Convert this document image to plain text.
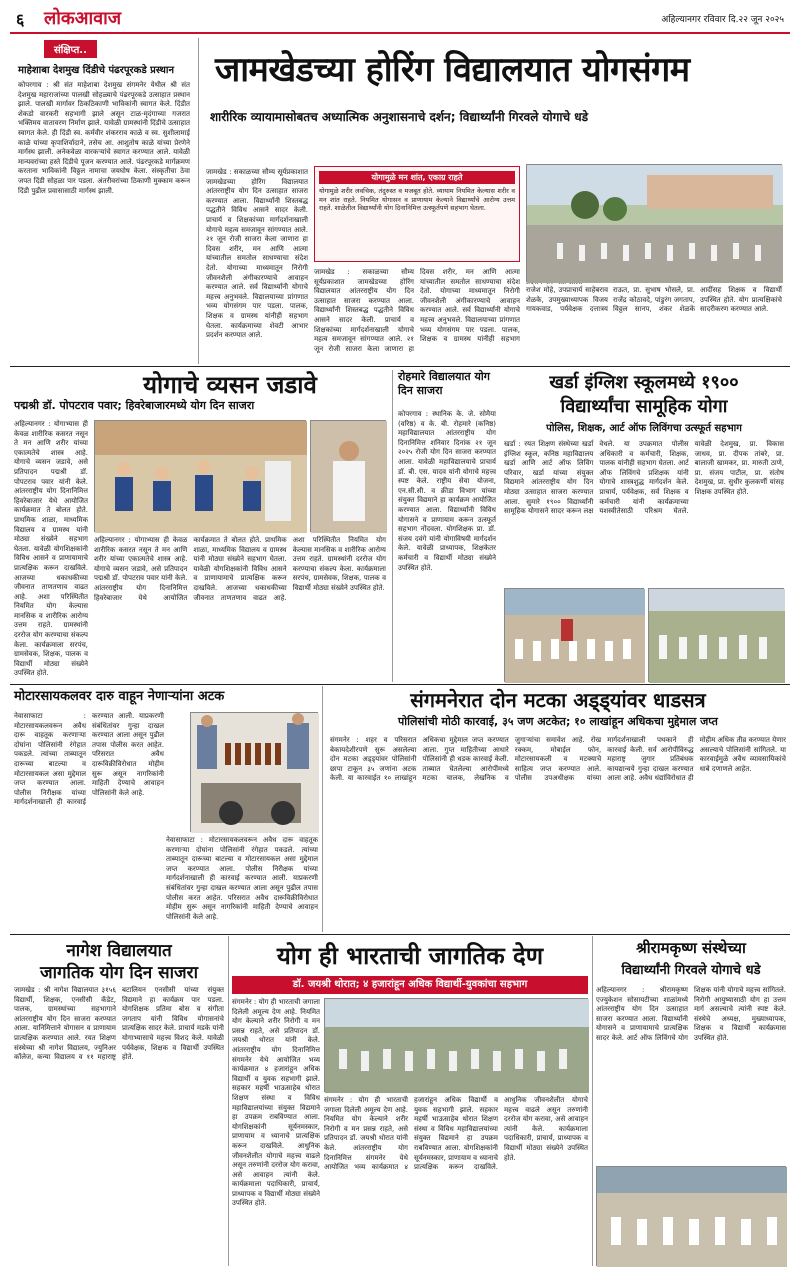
६ लोकआवाज	अहिल्यानगर रविवार दि.२२ जून २०२५
संक्षिप्त..
माहेशाबा देशमुख दिंडीचे पंढरपूरकडे प्रस्थान
कोपरगाव : श्री संत माहेशाबा देशमुख संगमनेर येथील श्री संत देशमुख महाराजांच्या पालखी सोहळ्याचे पंढरपूरकडे उत्साहात प्रस्थान झाले. पालखी मार्गावर ठिकठिकाणी भाविकांनी स्वागत केले. दिंडीत शेकडो वारकरी सहभागी झाले असून टाळ-मृदंगाच्या गजरात भक्तिमय वातावरण निर्माण झाले. यावेळी ग्रामस्थांनी दिंडीचे उत्साहात स्वागत केले. ही दिंडी स्व. कर्मवीर शंकरराव काळे व स्व. सुशीलामाई काळे यांच्या कृपाशिर्वादाने, तसेच आ. आशुतोष काळे यांच्या प्रेरणेने मार्गस्थ झाली. अनेकवेळा वारकऱ्यांचे स्वागत करण्यात आले. यावेळी मान्यवरांच्या हस्ते दिंडीचे पूजन करण्यात आले. पंढरपूरकडे मार्गक्रमण करताना भाविकांनी विठ्ठल नामाचा जयघोष केला. संस्कृतीचा ठेवा जपत दिंडी सोहळा पार पडला. अंतरीवरांच्या ठिकाणी मुक्काम करून दिंडी पुढील प्रवासासाठी मार्गस्थ झाली.
जामखेडच्या होरिंग विद्यालयात योगसंगम
शारीरिक व्यायामासोबतच अध्यात्मिक अनुशासनाचे दर्शन; विद्यार्थ्यांनी गिरवले योगाचे धडे
जामखेड : सकाळच्या सौम्य सूर्यप्रकाशात जामखेडच्या होरिंग विद्यालयात आंतरराष्ट्रीय योग दिन उत्साहात साजरा करण्यात आला. विद्यार्थ्यांनी शिस्तबद्ध पद्धतीने विविध आसने सादर केली. प्राचार्य व शिक्षकांच्या मार्गदर्शनाखाली योगाचे महत्व समजावून सांगण्यात आले. २१ जून रोजी साजरा केला जाणारा हा दिवस शरीर, मन आणि आत्मा यांच्यातील समतोल साधण्याचा संदेश देतो. योगाच्या माध्यमातून निरोगी जीवनशैली अंगीकारण्याचे आवाहन करण्यात आले. सर्व विद्यार्थ्यांनी योगाचे महत्त्व अनुभवले. विद्यालयाच्या प्रांगणात भव्य योगसंगम पार पडला. पालक, शिक्षक व ग्रामस्थ यांनीही सहभाग घेतला. कार्यक्रमाच्या शेवटी आभार प्रदर्शन करण्यात आले.
योगामुळे मन शांत, एकाग्र राहते
योगामुळे शरीर लवचिक, तंदुरुस्त व मजबूत होते. व्यायाम नियमित केल्यास शरीर व मन शांत राहते. नियमित योगासन व प्राणायाम केल्याने विद्यार्थ्यांचे आरोग्य उत्तम राहते. शाळेतील विद्यार्थ्यांनी योग दिनानिमित्त उत्स्फूर्तपणे सहभाग घेतला.
जामखेड : सकाळच्या सौम्य सूर्यप्रकाशात जामखेडच्या होरिंग विद्यालयात आंतरराष्ट्रीय योग दिन उत्साहात साजरा करण्यात आला. विद्यार्थ्यांनी शिस्तबद्ध पद्धतीने विविध आसने सादर केली. प्राचार्य व शिक्षकांच्या मार्गदर्शनाखाली योगाचे महत्व समजावून सांगण्यात आले. २१ जून रोजी साजरा केला जाणारा हा दिवस शरीर, मन आणि आत्मा यांच्यातील समतोल साधण्याचा संदेश देतो. योगाच्या माध्यमातून निरोगी जीवनशैली अंगीकारण्याचे आवाहन करण्यात आले. सर्व विद्यार्थ्यांनी योगाचे महत्त्व अनुभवले. विद्यालयाच्या प्रांगणात भव्य योगसंगम पार पडला. पालक, शिक्षक व ग्रामस्थ यांनीही सहभाग
राजेश मोहे, उपप्राचार्य साहेबराव शेळके, उपमुख्याध्यापक विजय गायकवाड, पर्यवेक्षक दत्तात्रय राऊत, प्रा. सुभाष भोसले, प्रा. राजेंद्र कोठावदे, पांडुरंग जगताप, विठ्ठल सानप, शंकर शेळके आदींसह शिक्षक व विद्यार्थी उपस्थित होते. योग प्रात्यक्षिकांचे सादरीकरण करण्यात आले.
योगाचे व्यसन जडावे
पद्मश्री डॉ. पोपटराव पवार; हिवरेबाजारमध्ये योग दिन साजरा
अहिल्यानगर : योगाभ्यास ही केवळ शारीरिक कसरत नसून ते मन आणि शरीर यांच्या एकात्मतेचे शास्त्र आहे. योगाचे व्यसन जडावे, असे प्रतिपादन पद्मश्री डॉ. पोपटराव पवार यांनी केले. आंतरराष्ट्रीय योग दिनानिमित्त हिवरेबाजार येथे आयोजित कार्यक्रमात ते बोलत होते. प्राथमिक शाळा, माध्यमिक विद्यालय व ग्रामस्थ यांनी मोठ्या संख्येने सहभाग घेतला. यावेळी योगशिक्षकांनी विविध आसने व प्राणायामाचे प्रात्यक्षिक करून दाखविले. आजच्या धकाधकीच्या जीवनात ताणतणाव वाढत आहे. अशा परिस्थितीत नियमित योग केल्यास मानसिक व शारीरिक आरोग्य उत्तम राहते. ग्रामस्थांनी दररोज योग करण्याचा संकल्प केला. कार्यक्रमाला सरपंच, ग्रामसेवक, शिक्षक, पालक व विद्यार्थी मोठ्या संख्येने उपस्थित होते.
अहिल्यानगर : योगाभ्यास ही केवळ शारीरिक कसरत नसून ते मन आणि शरीर यांच्या एकात्मतेचे शास्त्र आहे. योगाचे व्यसन जडावे, असे प्रतिपादन पद्मश्री डॉ. पोपटराव पवार यांनी केले. आंतरराष्ट्रीय योग दिनानिमित्त हिवरेबाजार येथे आयोजित कार्यक्रमात ते बोलत होते. प्राथमिक शाळा, माध्यमिक विद्यालय व ग्रामस्थ यांनी मोठ्या संख्येने सहभाग घेतला. यावेळी योगशिक्षकांनी विविध आसने व प्राणायामाचे प्रात्यक्षिक करून दाखविले. आजच्या धकाधकीच्या जीवनात ताणतणाव वाढत आहे. अशा परिस्थितीत नियमित योग केल्यास मानसिक व शारीरिक आरोग्य उत्तम राहते. ग्रामस्थांनी दररोज योग करण्याचा संकल्प केला. कार्यक्रमाला सरपंच, ग्रामसेवक, शिक्षक, पालक व विद्यार्थी मोठ्या संख्येने उपस्थित होते.
रोहमारे विद्यालयात योग दिन साजरा
कोपरगाव : स्थानिक के. जे. सोमैया (वरिष्ठ) व के. बी. रोहमारे (कनिष्ठ) महाविद्यालयात आंतरराष्ट्रीय योग दिनानिमित्त शनिवार दिनांक २१ जून २०२५ रोजी योग दिन साजरा करण्यात आला. यावेळी महाविद्यालयाचे प्राचार्य डॉ. बी. एस. यादव यांनी योगाचे महत्त्व स्पष्ट केले. राष्ट्रीय सेवा योजना, एन.सी.सी. व क्रीडा विभाग यांच्या संयुक्त विद्यमाने हा कार्यक्रम आयोजित करण्यात आला. विद्यार्थ्यांनी विविध योगासने व प्राणायाम करून उत्स्फूर्त सहभाग नोंदवला. योगशिक्षक प्रा. डॉ. संजय दवंगे यांनी योगाविषयी मार्गदर्शन केले. यावेळी प्राध्यापक, शिक्षकेतर कर्मचारी व विद्यार्थी मोठ्या संख्येने उपस्थित होते.
खर्डा इंग्लिश स्कूलमध्ये १९००
विद्यार्थ्यांचा सामूहिक योगा
पोलिस, शिक्षक, आर्ट ऑफ लिविंगचा उत्स्फूर्त सहभाग
खर्डा : रयत शिक्षण संस्थेच्या खर्डा इंग्लिश स्कूल, कनिष्ठ महाविद्यालय खर्डा आणि आर्ट ऑफ लिविंग परिवार, खर्डा यांच्या संयुक्त विद्यमाने आंतरराष्ट्रीय योग दिन मोठ्या उत्साहात साजरा करण्यात आला. सुमारे १९०० विद्यार्थ्यांनी सामूहिक योगासने सादर करून लक्ष वेधले. या उपक्रमात पोलीस अधिकारी व कर्मचारी, शिक्षक, पालक यांनीही सहभाग घेतला. आर्ट ऑफ लिविंगचे प्रशिक्षक यांनी योगाचे शास्त्रशुद्ध मार्गदर्शन केले. प्राचार्य, पर्यवेक्षक, सर्व शिक्षक व कर्मचारी यांनी कार्यक्रमाच्या यशस्वीतेसाठी परिश्रम घेतले. यावेळी देशमुख, प्रा. विकास जाधव, प्रा. दीपक तांबरे, प्रा. बालाजी खामकर, प्रा. मारुती ठाणे, प्रा. संजय पाटील, प्रा. संतोष देशमुख, प्रा. सुधीर कुलकर्णी यांसह शिक्षक उपस्थित होते.
मोटारसायकलवर दारु वाहून नेणाऱ्यांना अटक
नेवासाफाटा : मोटारसायकलवरून अवैध दारू वाहतूक करणाऱ्या दोघांना पोलिसांनी रंगेहात पकडले. त्यांच्या ताब्यातून दारूच्या बाटल्या व मोटारसायकल असा मुद्देमाल जप्त करण्यात आला. पोलीस निरीक्षक यांच्या मार्गदर्शनाखाली ही कारवाई करण्यात आली. याप्रकरणी संबंधितांवर गुन्हा दाखल करण्यात आला असून पुढील तपास पोलीस करत आहेत. परिसरात अवैध दारूविक्रीविरोधात मोहीम सुरू असून नागरिकांनी माहिती देण्याचे आवाहन पोलिसांनी केले आहे.
नेवासाफाटा : मोटारसायकलवरून अवैध दारू वाहतूक करणाऱ्या दोघांना पोलिसांनी रंगेहात पकडले. त्यांच्या ताब्यातून दारूच्या बाटल्या व मोटारसायकल असा मुद्देमाल जप्त करण्यात आला. पोलीस निरीक्षक यांच्या मार्गदर्शनाखाली ही कारवाई करण्यात आली. याप्रकरणी संबंधितांवर गुन्हा दाखल करण्यात आला असून पुढील तपास पोलीस करत आहेत. परिसरात अवैध दारूविक्रीविरोधात मोहीम सुरू असून नागरिकांनी माहिती देण्याचे आवाहन पोलिसांनी केले आहे.
संगमनेरात दोन मटका अड्ड्यांवर धाडसत्र
पोलिसांची मोठी कारवाई, ३५ जण अटकेत; १० लाखांहून अधिकचा मुद्देमाल जप्त
संगमनेर : शहर व परिसरात बेकायदेशीरपणे सुरू असलेल्या दोन मटका अड्ड्यांवर पोलिसांनी छापा टाकून ३५ जणांना अटक केली. या कारवाईत १० लाखांहून अधिकचा मुद्देमाल जप्त करण्यात आला. गुप्त माहितीच्या आधारे पोलिसांनी ही धडक कारवाई केली. ताब्यात घेतलेल्या आरोपींमध्ये मटका चालक, लेखनिक व जुगाऱ्यांचा समावेश आहे. रोख रक्कम, मोबाईल फोन, मोटारसायकली व मटक्याचे साहित्य जप्त करण्यात आले. पोलीस उपअधीक्षक यांच्या मार्गदर्शनाखाली पथकाने ही कारवाई केली. सर्व आरोपींविरुद्ध महाराष्ट्र जुगार प्रतिबंधक कायद्यान्वये गुन्हा दाखल करण्यात आला आहे. अवैध धंद्यांविरोधात ही मोहीम अधिक तीव्र करण्यात येणार असल्याचे पोलिसांनी सांगितले. या कारवाईमुळे अवैध व्यावसायिकांचे धाबे दणाणले आहेत.
नागेश विद्यालयात
जागतिक योग दिन साजरा
जामखेड : श्री नागेश विद्यालयात ३१५६ विद्यार्थी, शिक्षक, एनसीसी कॅडेट, पालक, ग्रामस्थांच्या सहभागाने आंतरराष्ट्रीय योग दिन साजरा करण्यात आला. यानिमित्ताने योगासन व प्राणायाम प्रात्यक्षिक करण्यात आले. रयत शिक्षण संस्थेच्या श्री नागेश विद्यालय, ज्युनिअर कॉलेज, कन्या विद्यालय व ११ महाराष्ट्र बटालियन एनसीसी यांच्या संयुक्त विद्यमाने हा कार्यक्रम पार पडला. योगशिक्षक प्रतिमा बोस व संगीता जगताप यांनी विविध योगासनांचे प्रात्यक्षिक सादर केले. प्राचार्य मडके यांनी योगाभ्यासाचे महत्त्व विशद केले. यावेळी पर्यवेक्षक, शिक्षक व विद्यार्थी उपस्थित होते.
योग ही भारताची जागतिक देण
डॉ. जयश्री थोरात; ४ हजारांहून अधिक विद्यार्थी-युवकांचा सहभाग
संगमनेर : योग ही भारताची जगाला दिलेली अमूल्य देण आहे. नियमित योग केल्याने शरीर निरोगी व मन प्रसन्न राहते, असे प्रतिपादन डॉ. जयश्री थोरात यांनी केले. आंतरराष्ट्रीय योग दिनानिमित्त संगमनेर येथे आयोजित भव्य कार्यक्रमात ४ हजारांहून अधिक विद्यार्थी व युवक सहभागी झाले. सहकार महर्षी भाऊसाहेब थोरात शिक्षण संस्था व विविध महाविद्यालयांच्या संयुक्त विद्यमाने हा उपक्रम राबविण्यात आला. योगशिक्षकांनी सूर्यनमस्कार, प्राणायाम व ध्यानाचे प्रात्यक्षिक करून दाखविले. आधुनिक जीवनशैलीत योगाचे महत्त्व वाढले असून तरुणांनी दररोज योग करावा, असे आवाहन त्यांनी केले. कार्यक्रमाला पदाधिकारी, प्राचार्य, प्राध्यापक व विद्यार्थी मोठ्या संख्येने उपस्थित होते.
संगमनेर : योग ही भारताची जगाला दिलेली अमूल्य देण आहे. नियमित योग केल्याने शरीर निरोगी व मन प्रसन्न राहते, असे प्रतिपादन डॉ. जयश्री थोरात यांनी केले. आंतरराष्ट्रीय योग दिनानिमित्त संगमनेर येथे आयोजित भव्य कार्यक्रमात ४ हजारांहून अधिक विद्यार्थी व युवक सहभागी झाले. सहकार महर्षी भाऊसाहेब थोरात शिक्षण संस्था व विविध महाविद्यालयांच्या संयुक्त विद्यमाने हा उपक्रम राबविण्यात आला. योगशिक्षकांनी सूर्यनमस्कार, प्राणायाम व ध्यानाचे प्रात्यक्षिक करून दाखविले. आधुनिक जीवनशैलीत योगाचे महत्त्व वाढले असून तरुणांनी दररोज योग करावा, असे आवाहन त्यांनी केले. कार्यक्रमाला पदाधिकारी, प्राचार्य, प्राध्यापक व विद्यार्थी मोठ्या संख्येने उपस्थित होते.
श्रीरामकृष्ण संस्थेच्या
विद्यार्थ्यांनी गिरवले योगाचे धडे
अहिल्यानगर : श्रीरामकृष्ण एज्युकेशन सोसायटीच्या शाळांमध्ये आंतरराष्ट्रीय योग दिन उत्साहात साजरा करण्यात आला. विद्यार्थ्यांनी योगासने व प्राणायामाचे प्रात्यक्षिक सादर केले. आर्ट ऑफ लिविंगचे योग शिक्षक यांनी योगाचे महत्त्व सांगितले. निरोगी आयुष्यासाठी योग हा उत्तम मार्ग असल्याचे त्यांनी स्पष्ट केले. संस्थेचे अध्यक्ष, मुख्याध्यापक, शिक्षक व विद्यार्थी कार्यक्रमास उपस्थित होते.
